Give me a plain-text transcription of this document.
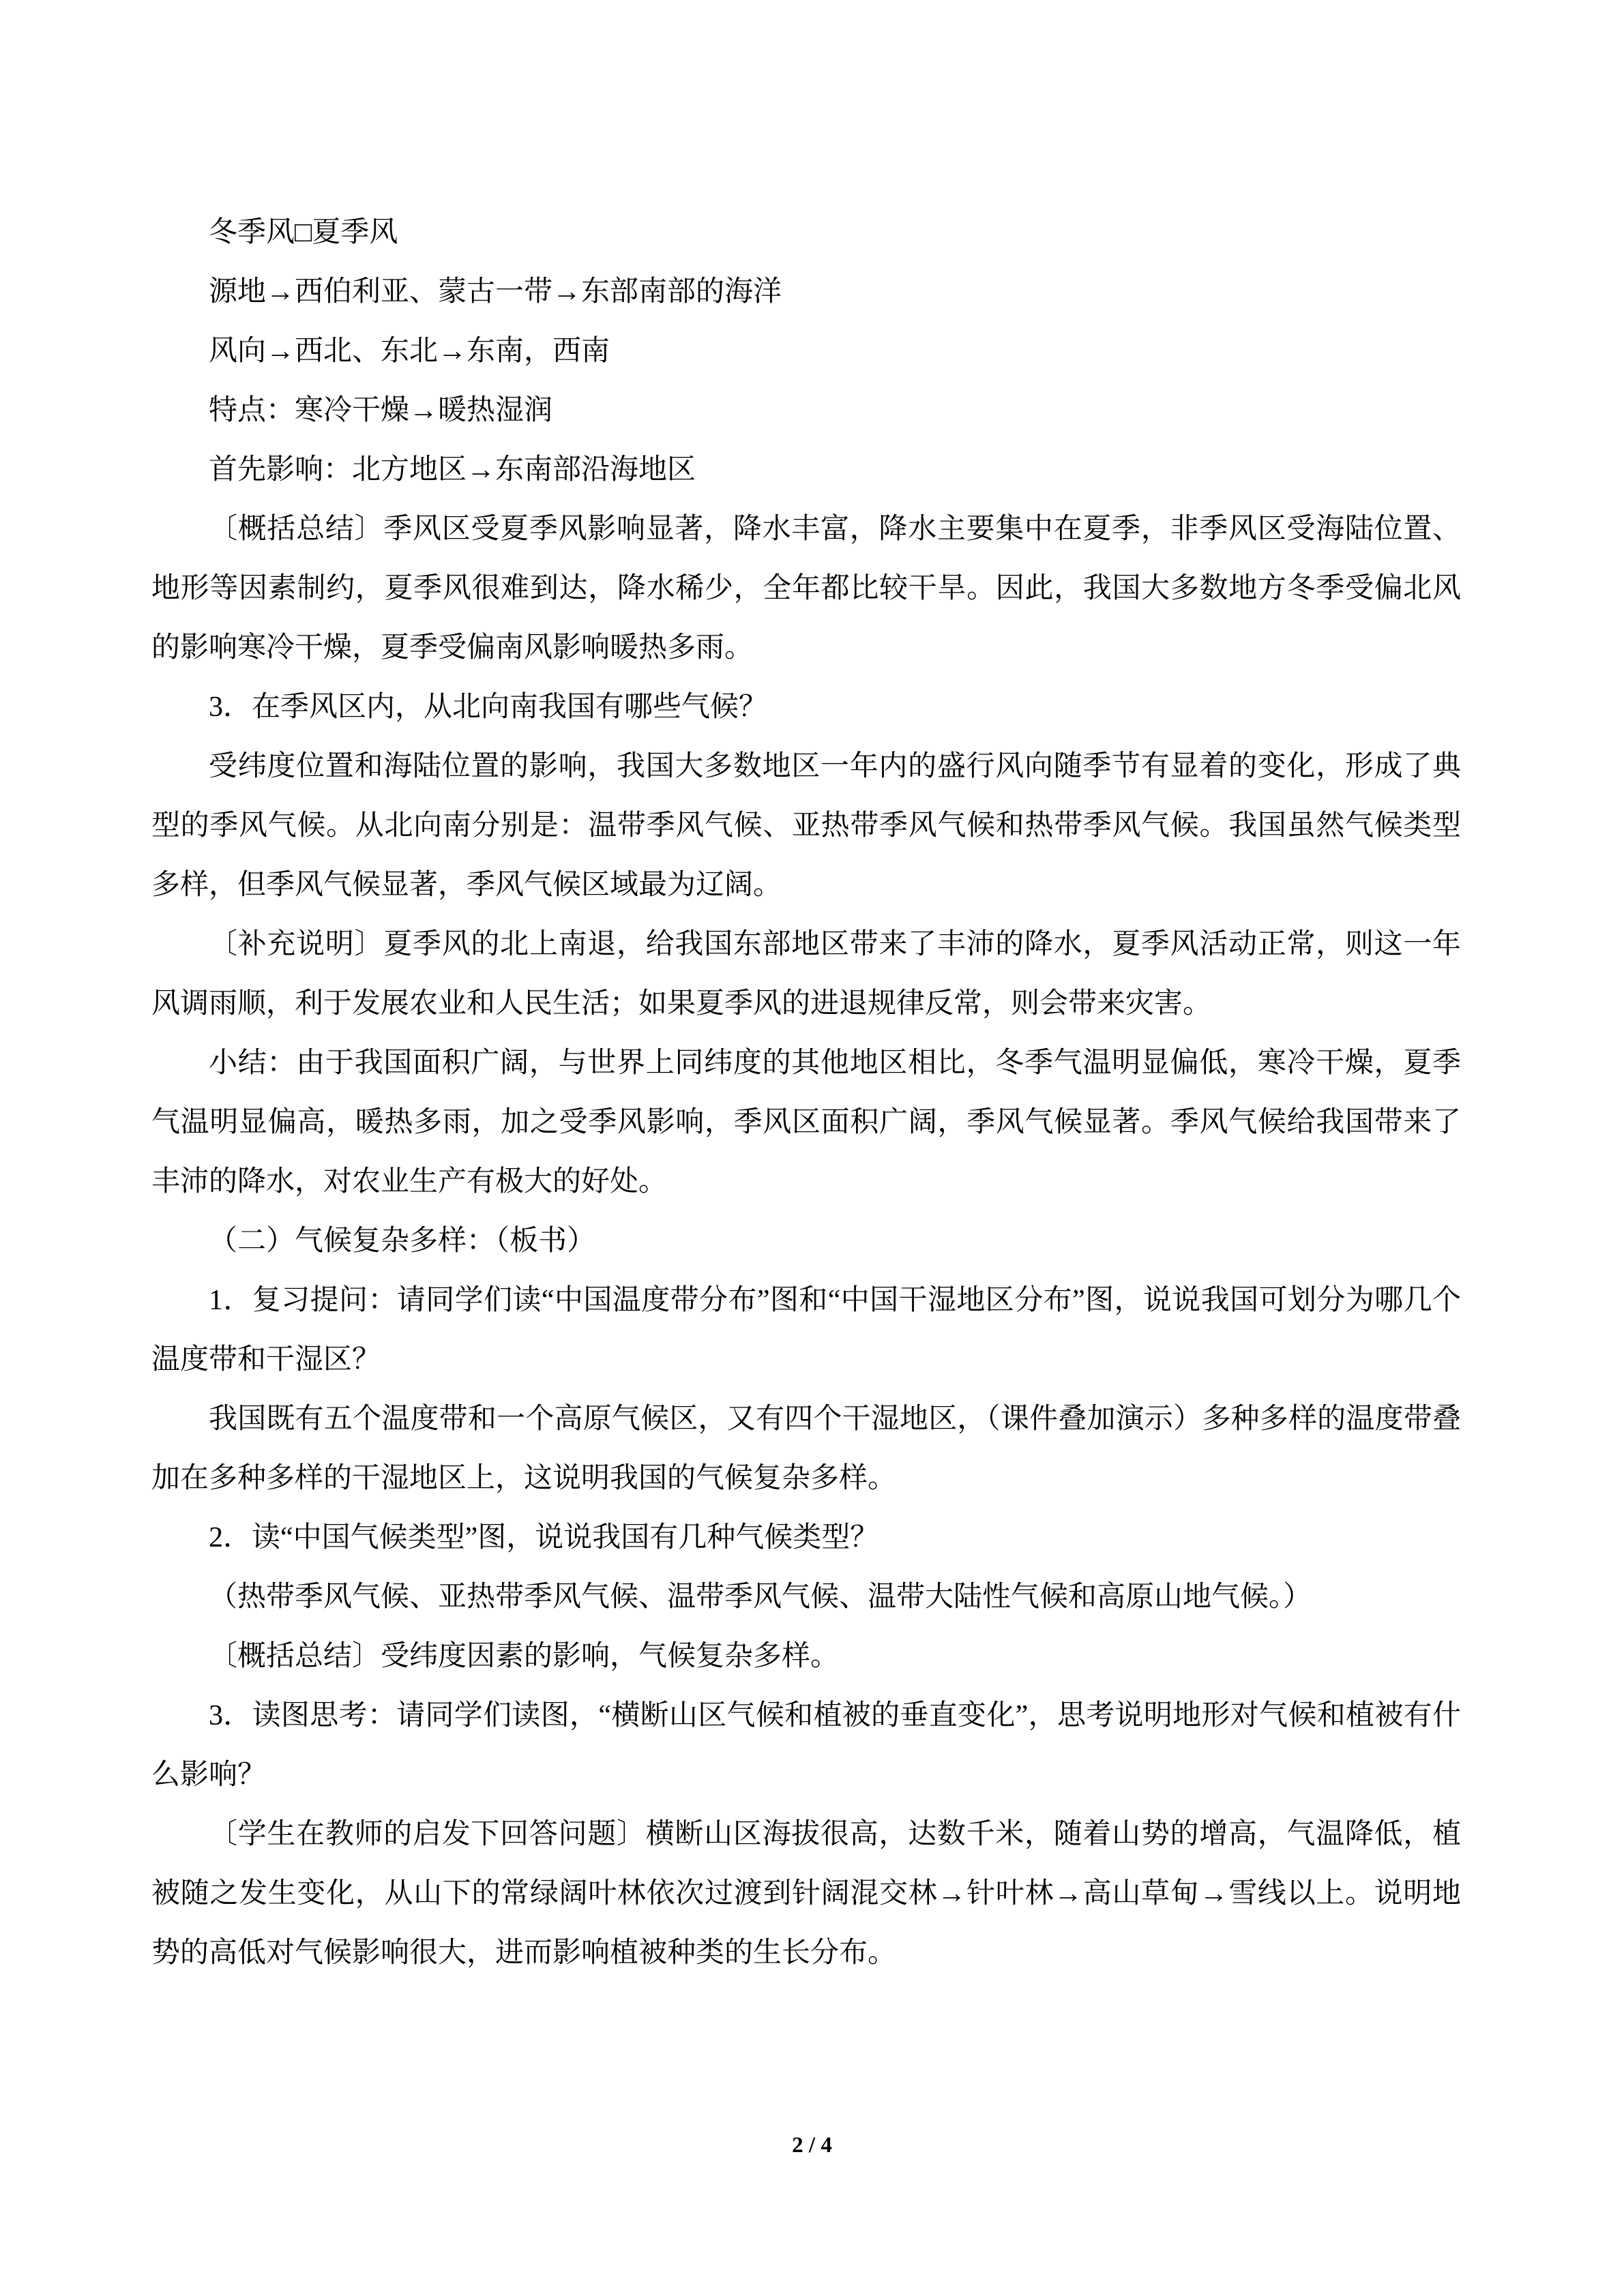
冬季风□夏季风

源地→西伯利亚、蒙古一带→东部南部的海洋

风向→西北、东北→东南，西南

特点：寒冷干燥→暖热湿润

首先影响：北方地区→东南部沿海地区

〔概括总结〕季风区受夏季风影响显著，降水丰富，降水主要集中在夏季，非季风区受海陆位置、地形等因素制约，夏季风很难到达，降水稀少，全年都比较干旱。因此，我国大多数地方冬季受偏北风的影响寒冷干燥，夏季受偏南风影响暖热多雨。

3．在季风区内，从北向南我国有哪些气候？

受纬度位置和海陆位置的影响，我国大多数地区一年内的盛行风向随季节有显着的变化，形成了典型的季风气候。从北向南分别是：温带季风气候、亚热带季风气候和热带季风气候。我国虽然气候类型多样，但季风气候显著，季风气候区域最为辽阔。

〔补充说明〕夏季风的北上南退，给我国东部地区带来了丰沛的降水，夏季风活动正常，则这一年风调雨顺，利于发展农业和人民生活；如果夏季风的进退规律反常，则会带来灾害。

小结：由于我国面积广阔，与世界上同纬度的其他地区相比，冬季气温明显偏低，寒冷干燥，夏季气温明显偏高，暖热多雨，加之受季风影响，季风区面积广阔，季风气候显著。季风气候给我国带来了丰沛的降水，对农业生产有极大的好处。

（二）气候复杂多样：（板书）

1．复习提问：请同学们读“中国温度带分布”图和“中国干湿地区分布”图，说说我国可划分为哪几个温度带和干湿区？

我国既有五个温度带和一个高原气候区，又有四个干湿地区，（课件叠加演示）多种多样的温度带叠加在多种多样的干湿地区上，这说明我国的气候复杂多样。

2．读“中国气候类型”图，说说我国有几种气候类型？

（热带季风气候、亚热带季风气候、温带季风气候、温带大陆性气候和高原山地气候。）

〔概括总结〕受纬度因素的影响，气候复杂多样。

3．读图思考：请同学们读图，“横断山区气候和植被的垂直变化”，思考说明地形对气候和植被有什么影响？

〔学生在教师的启发下回答问题〕横断山区海拔很高，达数千米，随着山势的增高，气温降低，植被随之发生变化，从山下的常绿阔叶林依次过渡到针阔混交林→针叶林→高山草甸→雪线以上。说明地势的高低对气候影响很大，进而影响植被种类的生长分布。

2 / 4
